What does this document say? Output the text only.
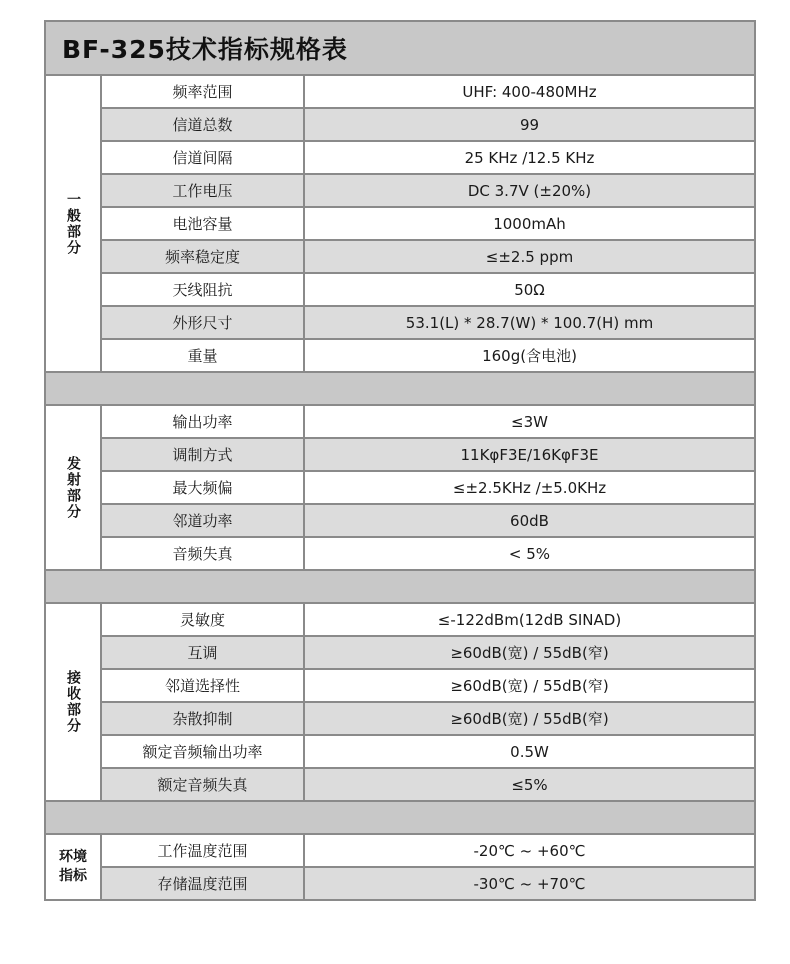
BF-325技术指标规格表
一般部分
频率范围	UHF: 400-480MHz
信道总数	99
信道间隔	25 KHz /12.5 KHz
工作电压	DC 3.7V (±20%)
电池容量	1000mAh
频率稳定度	≤±2.5 ppm
天线阻抗	50Ω
外形尺寸	53.1(L) * 28.7(W) * 100.7(H) mm
重量	160g(含电池)
发射部分
输出功率	≤3W
调制方式	11KφF3E/16KφF3E
最大频偏	≤±2.5KHz /±5.0KHz
邻道功率	60dB
音频失真	< 5%
接收部分
灵敏度	≤-122dBm(12dB SINAD)
互调	≥60dB(宽) / 55dB(窄)
邻道选择性	≥60dB(宽) / 55dB(窄)
杂散抑制	≥60dB(宽) / 55dB(窄)
额定音频输出功率	0.5W
额定音频失真	≤5%
环境指标
工作温度范围	-20℃ ~ +60℃
存储温度范围	-30℃ ~ +70℃
